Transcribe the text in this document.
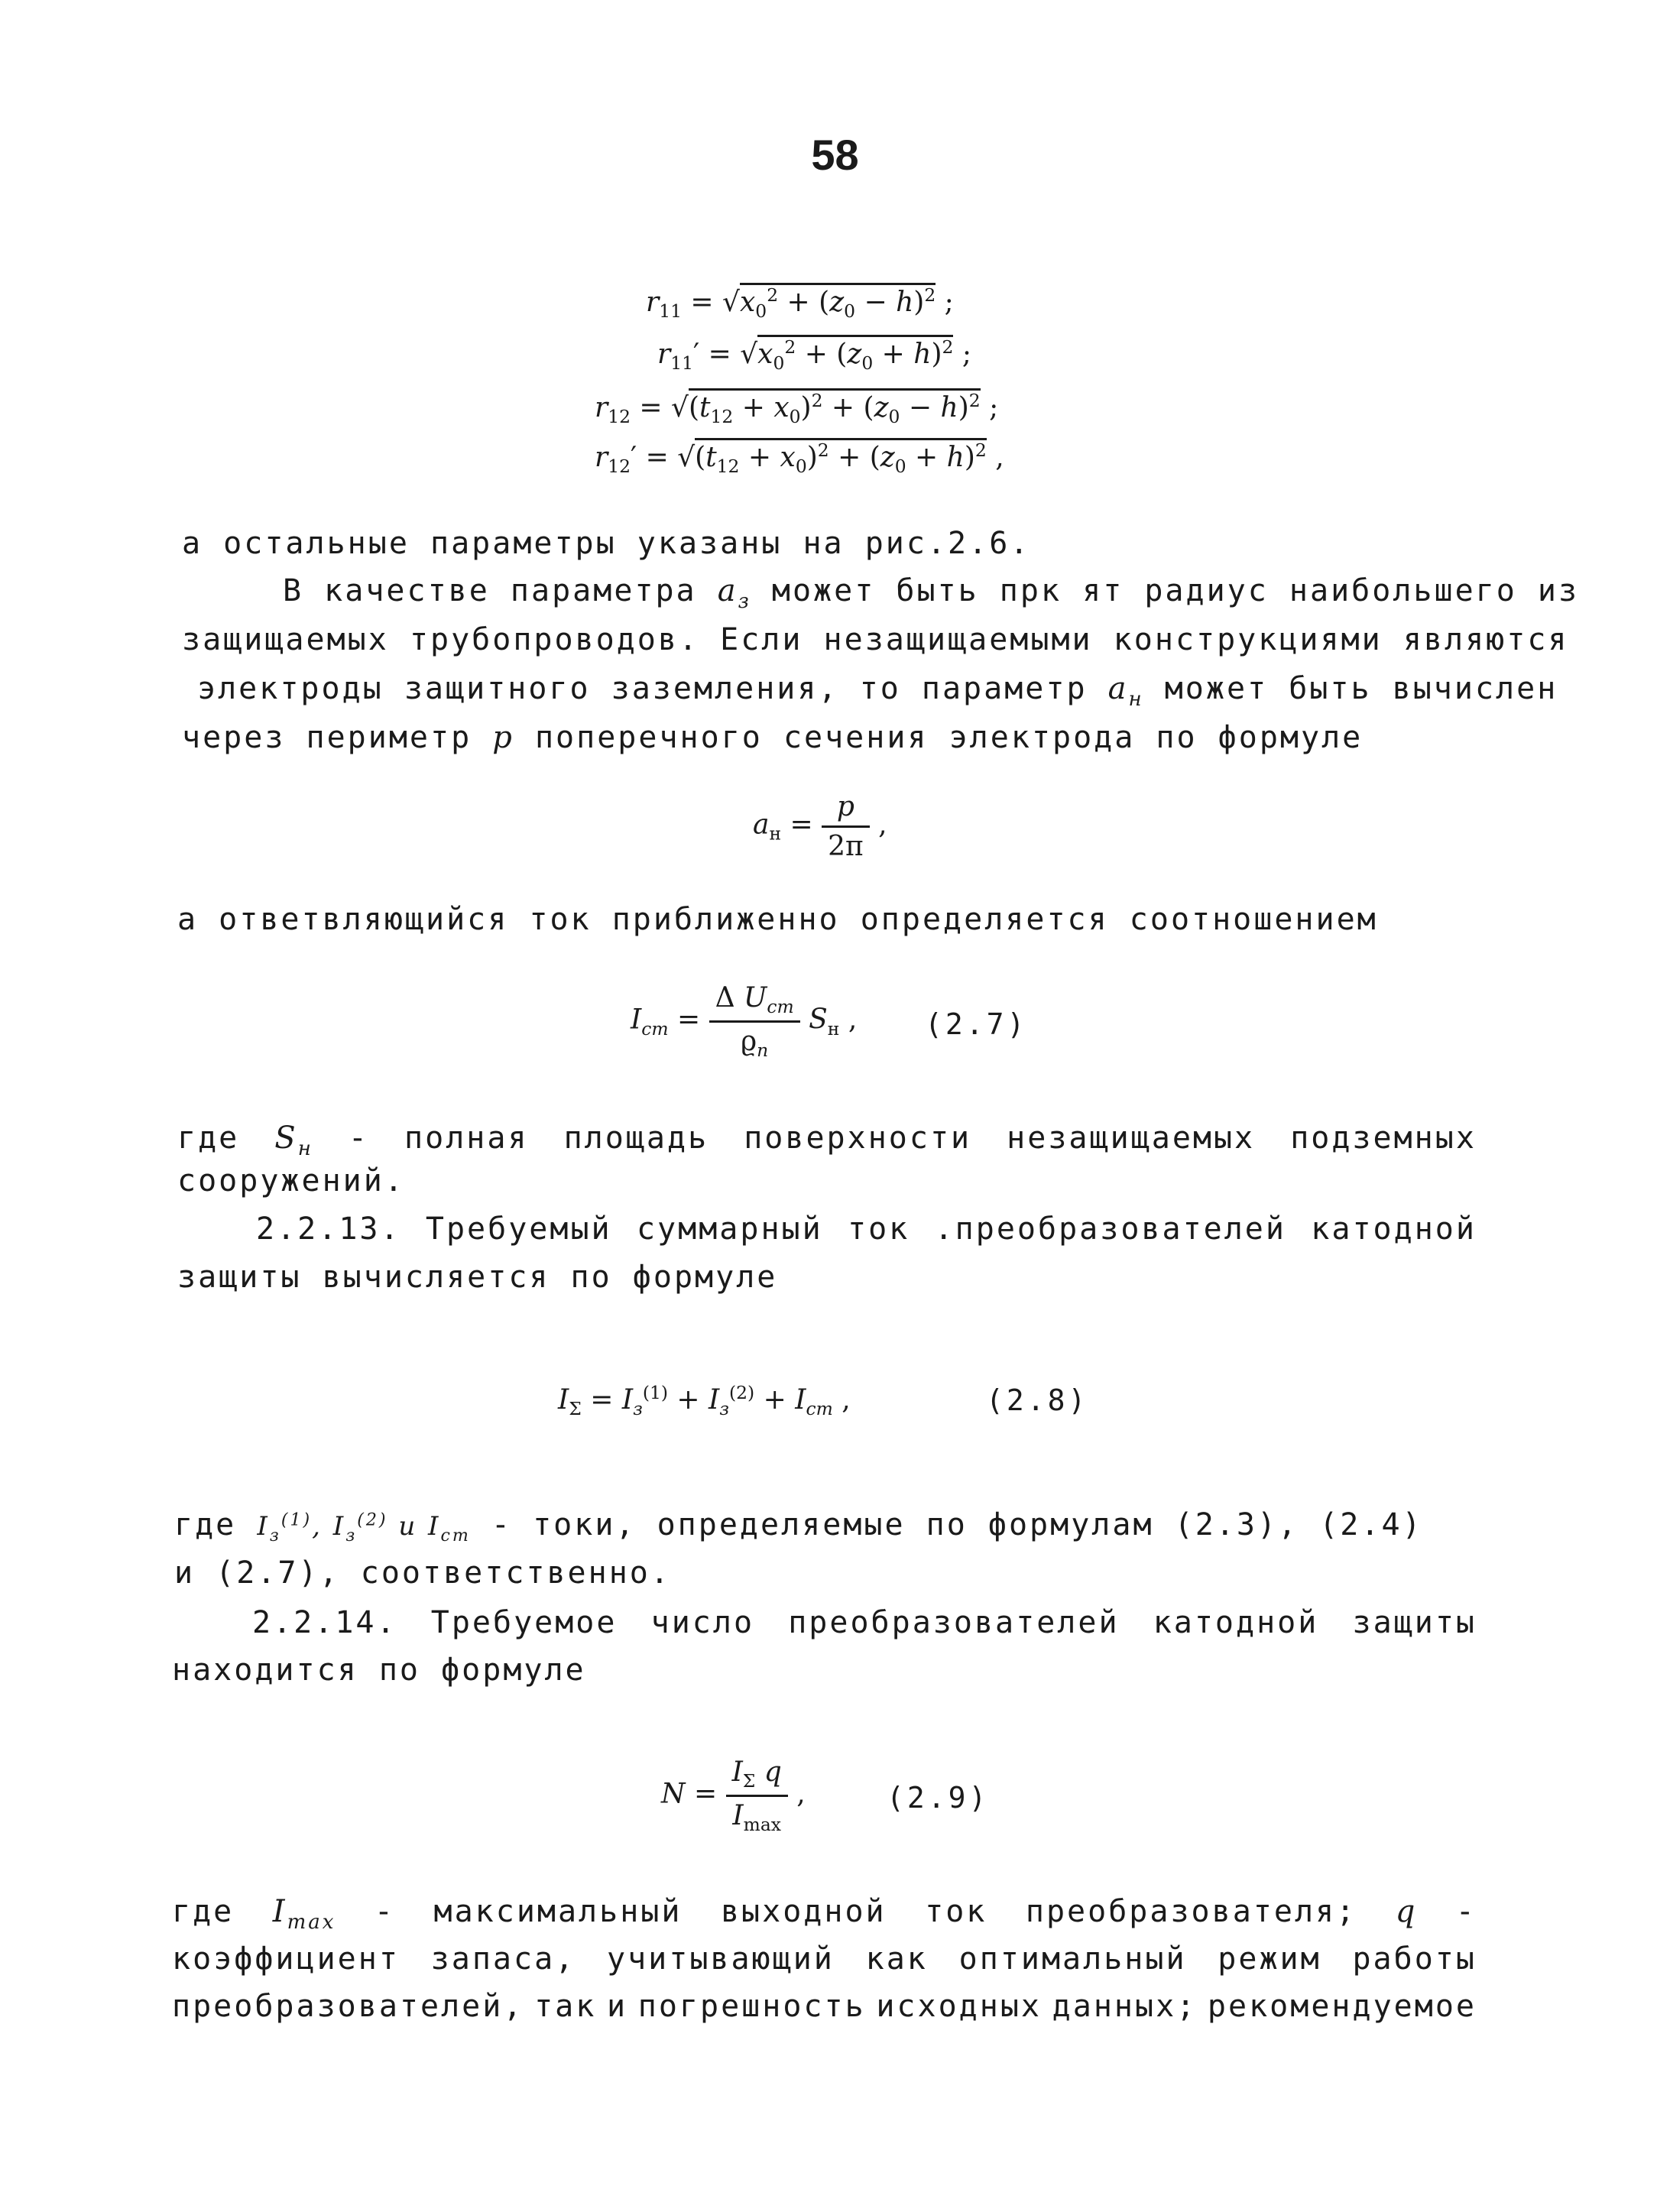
58
$r_{11} = √x_0^2 + (z_0 - h)^2$ ;
$r_{11}' = √x_0^2 + (z_0 + h)^2$ ;
$r_{12} = √(t_{12} + x_0)^2 + (z_0 - h)^2$ ;
$r_{12}' = √(t_{12} + x_0)^2 + (z_0 + h)^2$ ,
а остальные параметры указаны на рис.2.6.
В качестве параметра $a_з$ может быть прк ят радиус наибольшего из
защищаемых трубопроводов. Если незащищаемыми конструкциями являются
электроды защитного заземления, то параметр $a_н$ может быть вычислен
через периметр p поперечного сечения электрода по формуле
$a_н = \frac{p}{2\pi}$ ,
а ответвляющийся ток приближенно определяется соотношением
$I_{ст} = \frac{\Delta U_{ст}}{ϱ_п} S_н$ , (2.7)
где $S_н$ - полная площадь поверхности незащищаемых подземных
сооружений.
2.2.13. Требуемый суммарный ток .преобразователей катодной
защиты вычисляется по формуле
$I_\Sigma = I_з^{(1)} + I_з^{(2)} + I_{ст}$ ,	(2.8)
где $I_з^{(1)}$, $I_з^{(2)}$ и $I_{ст}$ - токи, определяемые по формулам (2.3), (2.4)
и (2.7), соответственно.
2.2.14. Требуемое число преобразователей катодной защиты
находится по формуле
$N = \frac{I_\Sigma q}{I_{max}}$ ,	(2.9)
где $I_{max}$ - максимальный выходной ток преобразователя; q -
коэффициент запаса, учитывающий как оптимальный режим работы
преобразователей, так и погрешность исходных данных; рекомендуемое
